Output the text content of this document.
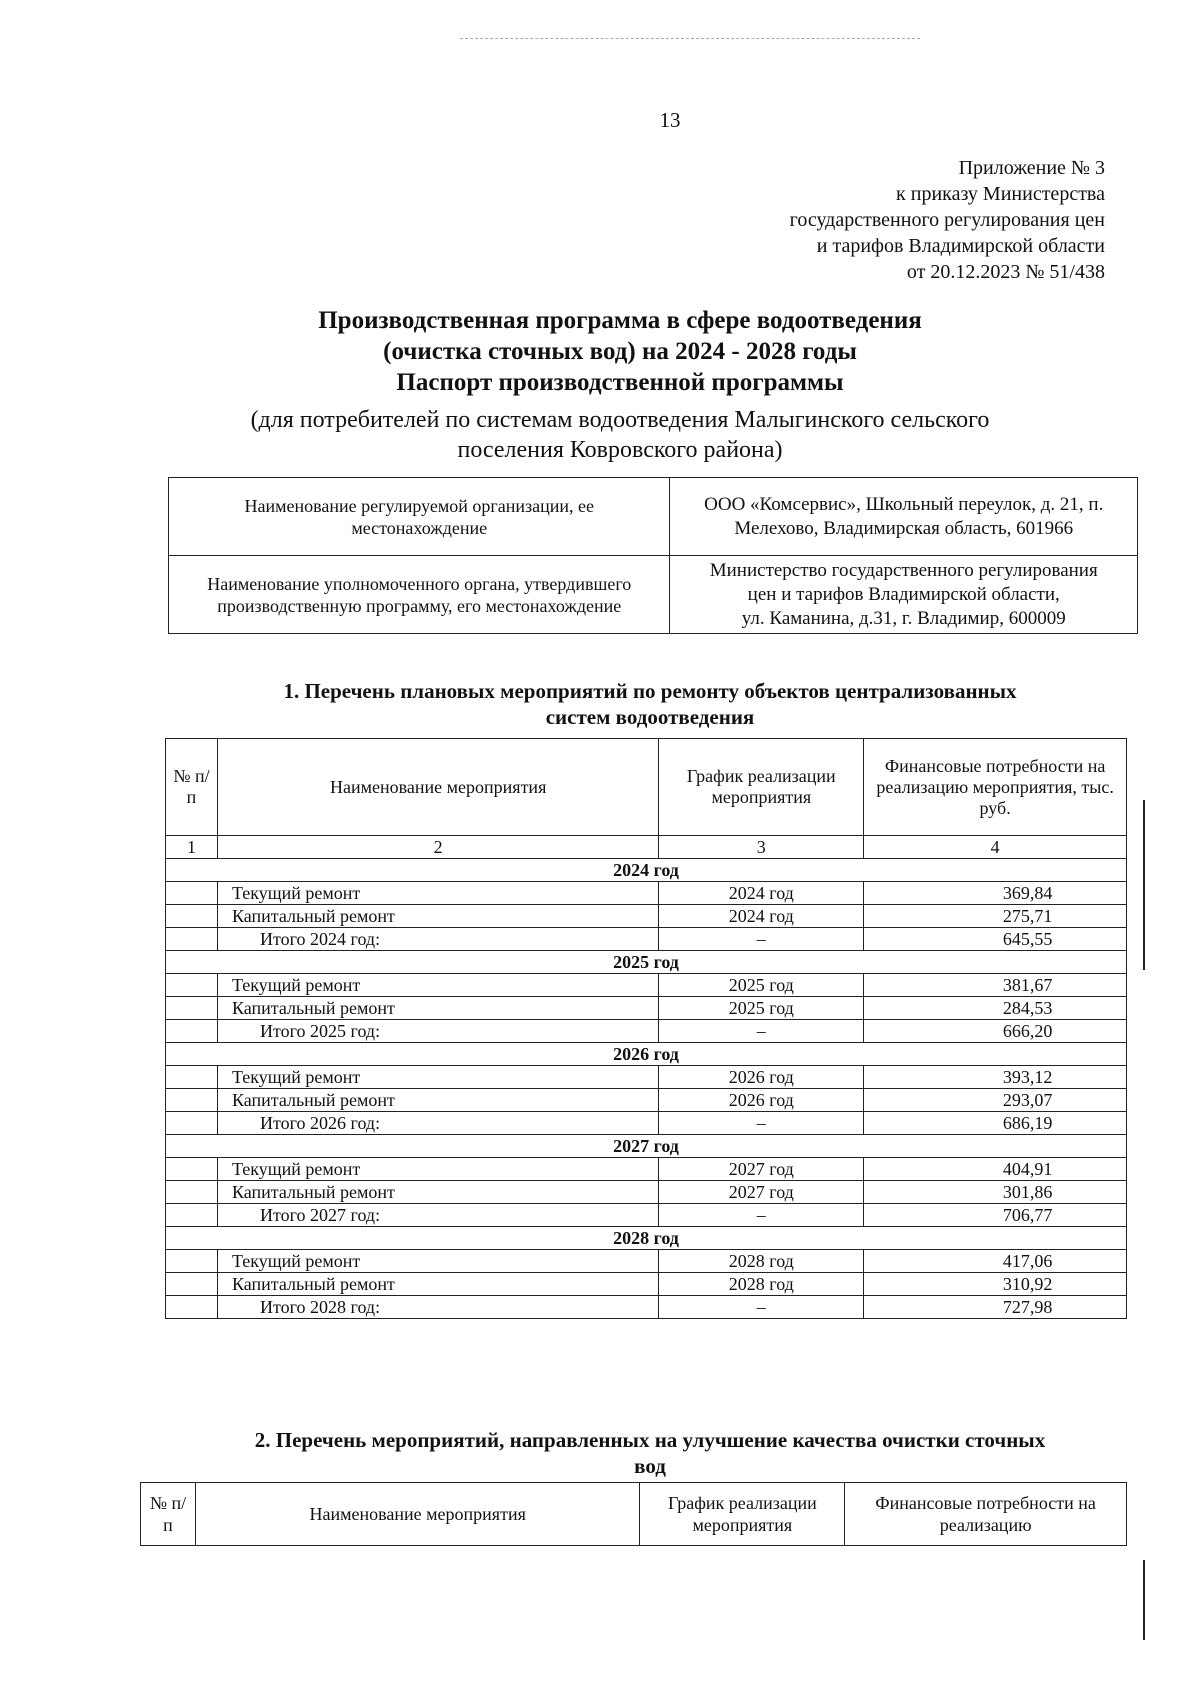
13
Приложение № 3
к приказу Министерства
государственного регулирования цен
и тарифов Владимирской области
от 20.12.2023 № 51/438
Производственная программа в сфере водоотведения
(очистка сточных вод) на 2024 - 2028 годы
Паспорт производственной программы
(для потребителей по системам водоотведения Малыгинского сельского
поселения Ковровского района)
Наименование регулируемой организации, ее местонахождение	ООО «Комсервис», Школьный переулок, д. 21, п. Мелехово, Владимирская область, 601966
Наименование уполномоченного органа, утвердившего производственную программу, его местонахождение	Министерство государственного регулирования
цен и тарифов Владимирской области,
ул. Каманина, д.31, г. Владимир, 600009
1. Перечень плановых мероприятий по ремонту объектов централизованных
систем водоотведения
№ п/п	Наименование мероприятия	График реализации мероприятия	Финансовые потребности на реализацию мероприятия, тыс. руб.
1	2	3	4
2024 год			
	Текущий ремонт	2024 год	369,84
	Капитальный ремонт	2024 год	275,71
	Итого 2024 год:	–	645,55
2025 год			
	Текущий ремонт	2025 год	381,67
	Капитальный ремонт	2025 год	284,53
	Итого 2025 год:	–	666,20
2026 год			
	Текущий ремонт	2026 год	393,12
	Капитальный ремонт	2026 год	293,07
	Итого 2026 год:	–	686,19
2027 год			
	Текущий ремонт	2027 год	404,91
	Капитальный ремонт	2027 год	301,86
	Итого 2027 год:	–	706,77
2028 год			
	Текущий ремонт	2028 год	417,06
	Капитальный ремонт	2028 год	310,92
	Итого 2028 год:	–	727,98
2. Перечень мероприятий, направленных на улучшение качества очистки сточных
вод
№ п/п	Наименование мероприятия	График реализации мероприятия	Финансовые потребности на реализацию
